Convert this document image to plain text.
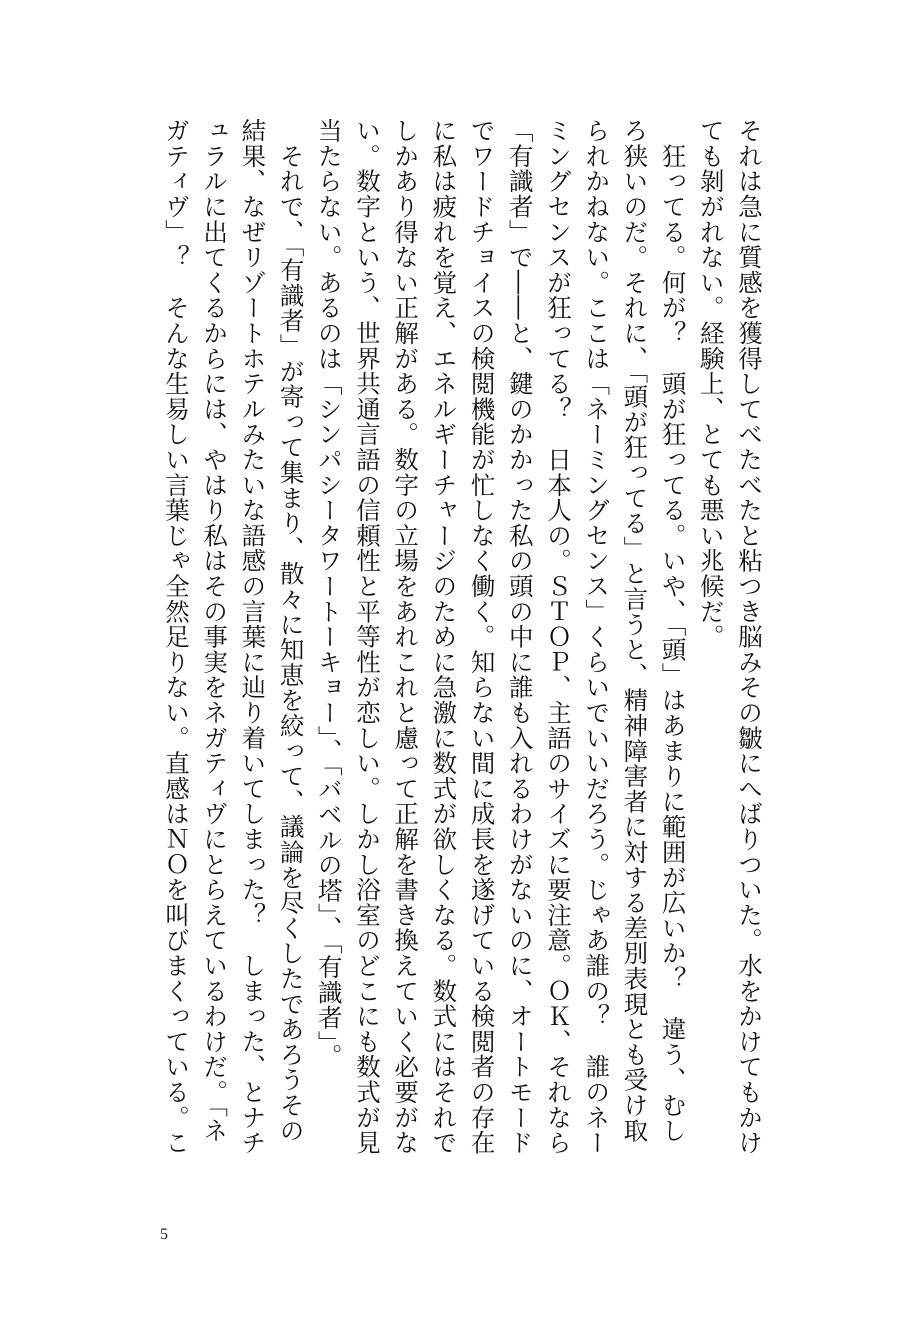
それは急に質感を獲得してべたべたと粘つき脳みその皺にへばりついた。水をかけてもかけ
ても剝がれない。経験上、とても悪い兆候だ。
　狂ってる。何が？　頭が狂ってる。いや、「頭」はあまりに範囲が広いか？　違う、むし
ろ狭いのだ。それに、「頭が狂ってる」と言うと、精神障害者に対する差別表現とも受け取
られかねない。ここは「ネーミングセンス」くらいでいいだろう。じゃあ誰の？　誰のネー
ミングセンスが狂ってる？　日本人の。ＳＴＯＰ、主語のサイズに要注意。ＯＫ、それなら
「有識者」で――と、鍵のかかった私の頭の中に誰も入れるわけがないのに、オートモード
でワードチョイスの検閲機能が忙しなく働く。知らない間に成長を遂げている検閲者の存在
に私は疲れを覚え、エネルギーチャージのために急激に数式が欲しくなる。数式にはそれで
しかあり得ない正解がある。数字の立場をあれこれと慮って正解を書き換えていく必要がな
い。数字という、世界共通言語の信頼性と平等性が恋しい。しかし浴室のどこにも数式が見
当たらない。あるのは「シンパシータワートーキョー」、「バベルの塔」、「有識者」。
　それで、「有識者」が寄って集まり、散々に知恵を絞って、議論を尽くしたであろうその
結果、なぜリゾートホテルみたいな語感の言葉に辿り着いてしまった？　しまった、とナチ
ュラルに出てくるからには、やはり私はその事実をネガティヴにとらえているわけだ。「ネ
ガティヴ」？　そんな生易しい言葉じゃ全然足りない。直感はＮＯを叫びまくっている。こ
5
